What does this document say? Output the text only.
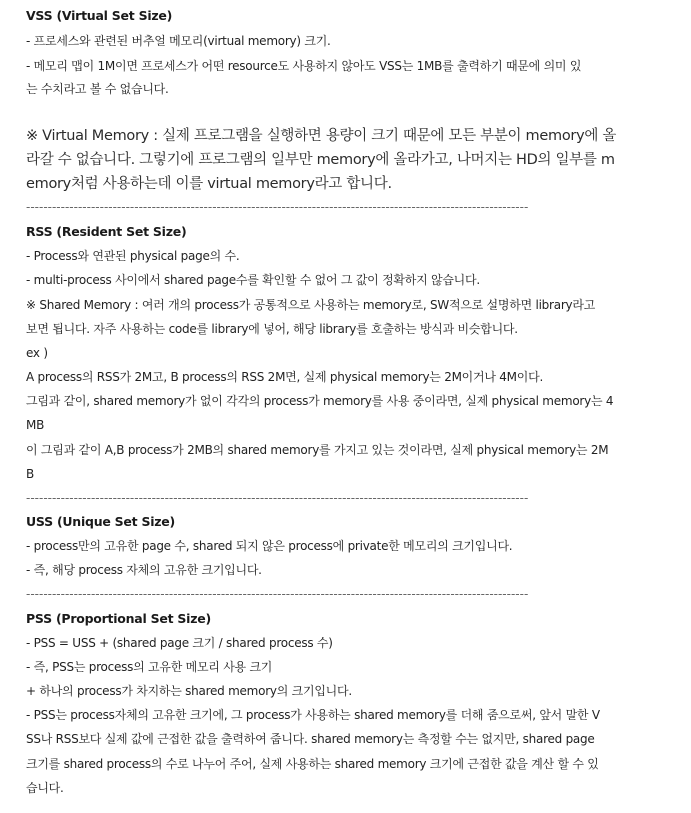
VSS (Virtual Set Size)
- 프로세스와 관련된 버추얼 메모리(virtual memory) 크기.
- 메모리 맵이 1M이면 프로세스가 어떤 resource도 사용하지 않아도 VSS는 1MB를 출력하기 때문에 의미 있
는 수치라고 볼 수 없습니다.
※ Virtual Memory : 실제 프로그램을 실행하면 용량이 크기 때문에 모든 부분이 memory에 올
라갈 수 없습니다. 그렇기에 프로그램의 일부만 memory에 올라가고, 나머지는 HD의 일부를 m
emory처럼 사용하는데 이를 virtual memory라고 합니다.
--------------------------------------------------------------------------------------------------------------------
RSS (Resident Set Size)
- Process와 연관된 physical page의 수.
- multi-process 사이에서 shared page수를 확인할 수 없어 그 값이 정확하지 않습니다.
※ Shared Memory : 여러 개의 process가 공통적으로 사용하는 memory로, SW적으로 설명하면 library라고
보면 됩니다. 자주 사용하는 code를 library에 넣어, 해당 library를 호출하는 방식과 비슷합니다.
ex )
A process의 RSS가 2M고, B process의 RSS 2M면, 실제 physical memory는 2M이거나 4M이다.
그림과 같이, shared memory가 없이 각각의 process가 memory를 사용 중이라면, 실제 physical memory는 4
MB
이 그림과 같이 A,B process가 2MB의 shared memory를 가지고 있는 것이라면, 실제 physical memory는 2M
B
--------------------------------------------------------------------------------------------------------------------
USS (Unique Set Size)
- process만의 고유한 page 수, shared 되지 않은 process에 private한 메모리의 크기입니다.
- 즉, 해당 process 자체의 고유한 크기입니다.
--------------------------------------------------------------------------------------------------------------------
PSS (Proportional Set Size)
- PSS = USS + (shared page 크기 / shared process 수)
- 즉, PSS는 process의 고유한 메모리 사용 크기
+ 하나의 process가 차지하는 shared memory의 크기입니다.
- PSS는 process자체의 고유한 크기에, 그 process가 사용하는 shared memory를 더해 줌으로써, 앞서 말한 V
SS나 RSS보다 실제 값에 근접한 값을 출력하여 줍니다. shared memory는 측정할 수는 없지만, shared page
크기를 shared process의 수로 나누어 주어, 실제 사용하는 shared memory 크기에 근접한 값을 계산 할 수 있
습니다.
